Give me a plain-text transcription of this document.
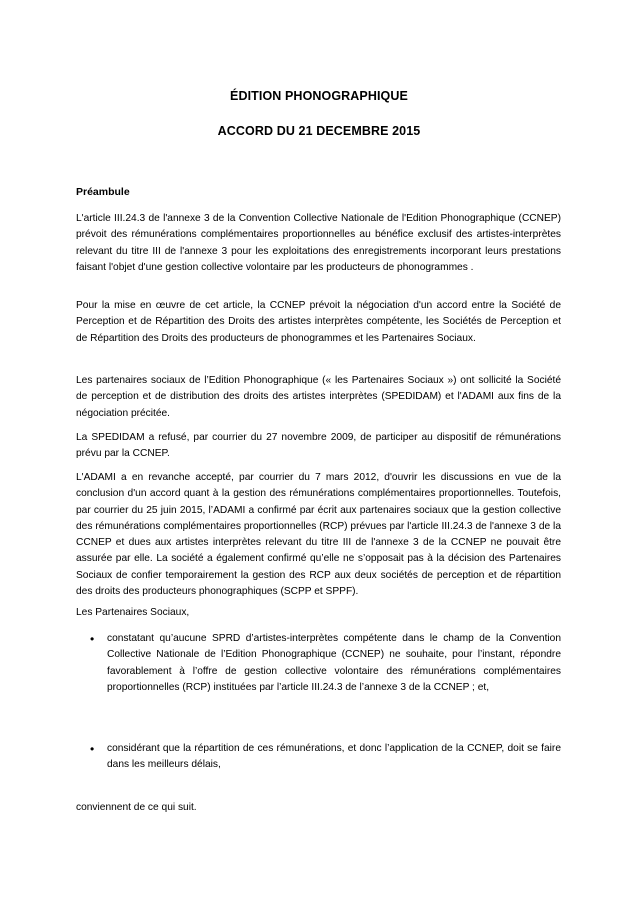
ÉDITION PHONOGRAPHIQUE
ACCORD DU 21 DECEMBRE 2015
Préambule
L'article III.24.3 de l'annexe 3 de la Convention Collective Nationale de l'Edition Phonographique (CCNEP) prévoit des rémunérations complémentaires proportionnelles au bénéfice exclusif des artistes-interprètes relevant du titre III de l'annexe 3 pour les exploitations des enregistrements incorporant leurs prestations faisant l'objet d'une gestion collective volontaire par les producteurs de phonogrammes .
Pour la mise en œuvre de cet article, la CCNEP prévoit la négociation d'un accord entre la Société de Perception et de Répartition des Droits des artistes interprètes compétente, les Sociétés de Perception et de Répartition des Droits des producteurs de phonogrammes et les Partenaires Sociaux.
Les partenaires sociaux de l’Edition Phonographique (« les Partenaires Sociaux ») ont sollicité la Société de perception et de distribution des droits des artistes interprètes (SPEDIDAM) et l'ADAMI aux fins de la négociation précitée.
La SPEDIDAM a refusé, par courrier du 27 novembre 2009, de participer au dispositif de rémunérations prévu par la CCNEP.
L'ADAMI a en revanche accepté, par courrier du 7 mars 2012, d'ouvrir les discussions en vue de la conclusion d'un accord quant à la gestion des rémunérations complémentaires proportionnelles. Toutefois, par courrier du 25 juin 2015, l’ADAMI a confirmé par écrit aux partenaires sociaux que la gestion collective des rémunérations complémentaires proportionnelles (RCP) prévues par l'article III.24.3 de l'annexe 3 de la CCNEP et dues aux artistes interprètes relevant du titre III de l'annexe 3 de la CCNEP ne pouvait être assurée par elle. La société a également confirmé qu’elle ne s’opposait pas à la décision des Partenaires Sociaux de confier temporairement la gestion des RCP aux deux sociétés de perception et de répartition des droits des producteurs phonographiques (SCPP et SPPF).
Les Partenaires Sociaux,
•	constatant qu’aucune SPRD d’artistes-interprètes compétente dans le champ de la Convention Collective Nationale de l’Edition Phonographique (CCNEP) ne souhaite, pour l’instant, répondre favorablement à l’offre de gestion collective volontaire des rémunérations complémentaires proportionnelles (RCP) instituées par l’article III.24.3 de l’annexe 3 de la CCNEP ; et,
•	considérant que la répartition de ces rémunérations, et donc l’application de la CCNEP, doit se faire dans les meilleurs délais,
conviennent de ce qui suit.
